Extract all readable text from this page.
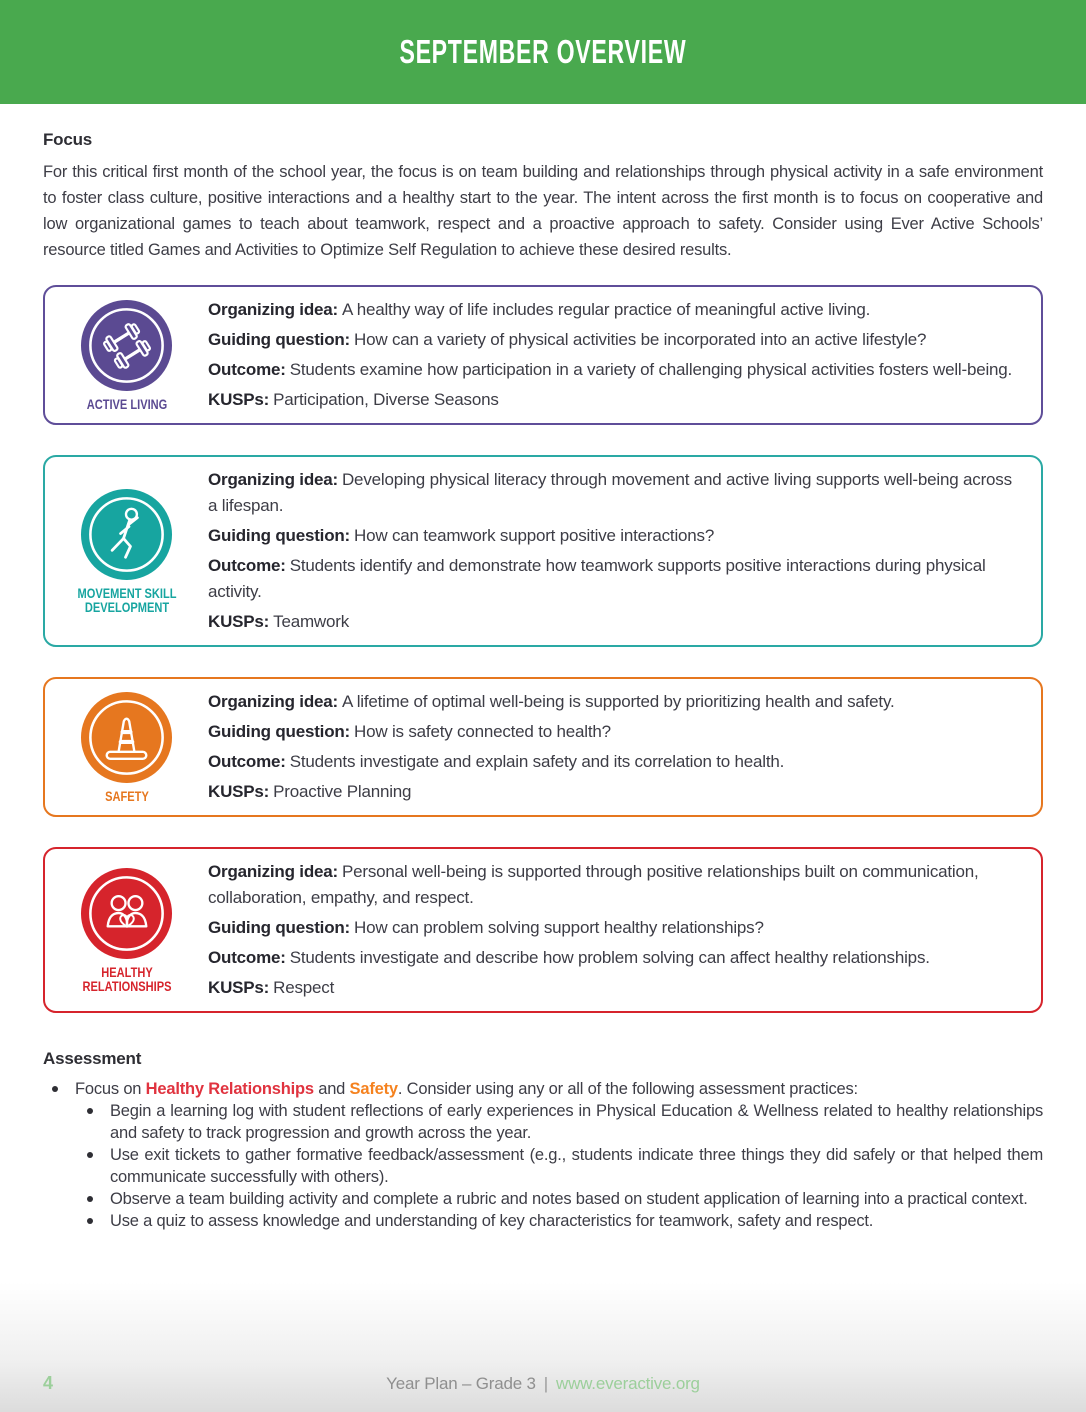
SEPTEMBER OVERVIEW
Focus

For this critical first month of the school year, the focus is on team building and relationships through physical activity in a safe environment to foster class culture, positive interactions and a healthy start to the year. The intent across the first month is to focus on cooperative and low organizational games to teach about teamwork, respect and a proactive approach to safety. Consider using Ever Active Schools’ resource titled Games and Activities to Optimize Self Regulation to achieve these desired results.

ACTIVE LIVING

Organizing idea: A healthy way of life includes regular practice of meaningful active living.

Guiding question: How can a variety of physical activities be incorporated into an active lifestyle?

Outcome: Students examine how participation in a variety of challenging physical activities fosters well-being.

KUSPs: Participation, Diverse Seasons

MOVEMENT SKILL DEVELOPMENT

Organizing idea: Developing physical literacy through movement and active living supports well-being across a lifespan.

Guiding question: How can teamwork support positive interactions?

Outcome: Students identify and demonstrate how teamwork supports positive interactions during physical activity.

KUSPs: Teamwork

SAFETY

Organizing idea: A lifetime of optimal well-being is supported by prioritizing health and safety.

Guiding question: How is safety connected to health?

Outcome: Students investigate and explain safety and its correlation to health.

KUSPs: Proactive Planning

HEALTHY RELATIONSHIPS

Organizing idea: Personal well-being is supported through positive relationships built on communication, collaboration, empathy, and respect.

Guiding question: How can problem solving support healthy relationships?

Outcome: Students investigate and describe how problem solving can affect healthy relationships.

KUSPs: Respect

Assessment
Focus on Healthy Relationships and Safety. Consider using any or all of the following assessment practices:
Begin a learning log with student reflections of early experiences in Physical Education & Wellness related to healthy relationships and safety to track progression and growth across the year.
Use exit tickets to gather formative feedback/assessment (e.g., students indicate three things they did safely or that helped them communicate successfully with others).
Observe a team building activity and complete a rubric and notes based on student application of learning into a practical context.
Use a quiz to assess knowledge and understanding of key characteristics for teamwork, safety and respect.
4	Year Plan – Grade 3 | www.everactive.org
